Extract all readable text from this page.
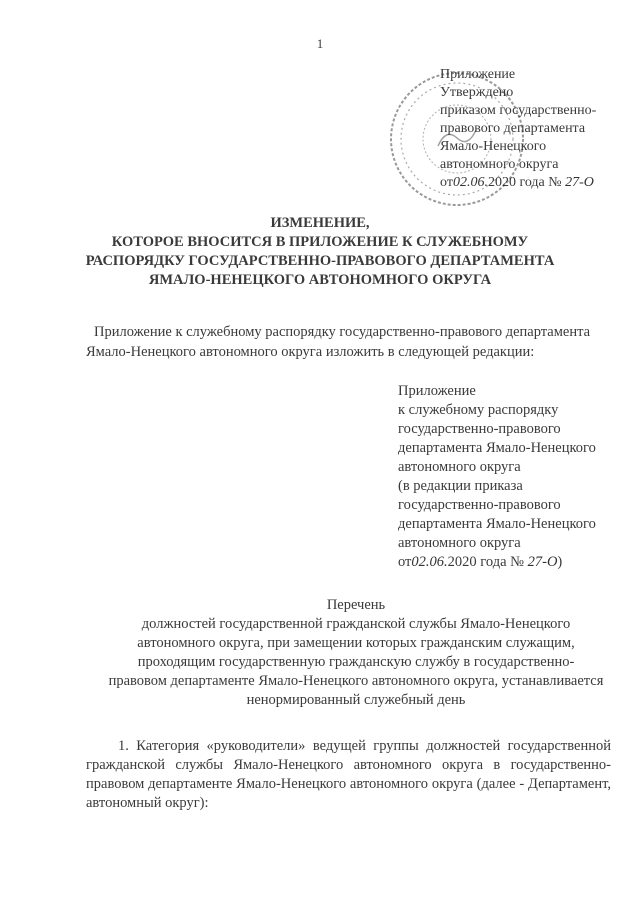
1
Приложение
Утверждено
приказом государственно-
правового департамента
Ямало-Ненецкого
автономного округа
от02.06.2020 года № 27-О
ИЗМЕНЕНИЕ,
КОТОРОЕ ВНОСИТСЯ В ПРИЛОЖЕНИЕ К СЛУЖЕБНОМУ
РАСПОРЯДКУ ГОСУДАРСТВЕННО-ПРАВОВОГО ДЕПАРТАМЕНТА
ЯМАЛО-НЕНЕЦКОГО АВТОНОМНОГО ОКРУГА
Приложение к служебному распорядку государственно-правового департамента Ямало-Ненецкого автономного округа изложить в следующей редакции:
Приложение
к служебному распорядку
государственно-правового
департамента Ямало-Ненецкого
автономного округа
(в редакции приказа
государственно-правового
департамента Ямало-Ненецкого
автономного округа
от02.06.2020 года № 27-О)
Перечень
должностей государственной гражданской службы Ямало-Ненецкого
автономного округа, при замещении которых гражданским служащим,
проходящим государственную гражданскую службу в государственно-
правовом департаменте Ямало-Ненецкого автономного округа, устанавливается
ненормированный служебный день
1. Категория «руководители» ведущей группы должностей государственной гражданской службы Ямало-Ненецкого автономного округа в государственно-правовом департаменте Ямало-Ненецкого автономного округа (далее - Департамент, автономный округ):
